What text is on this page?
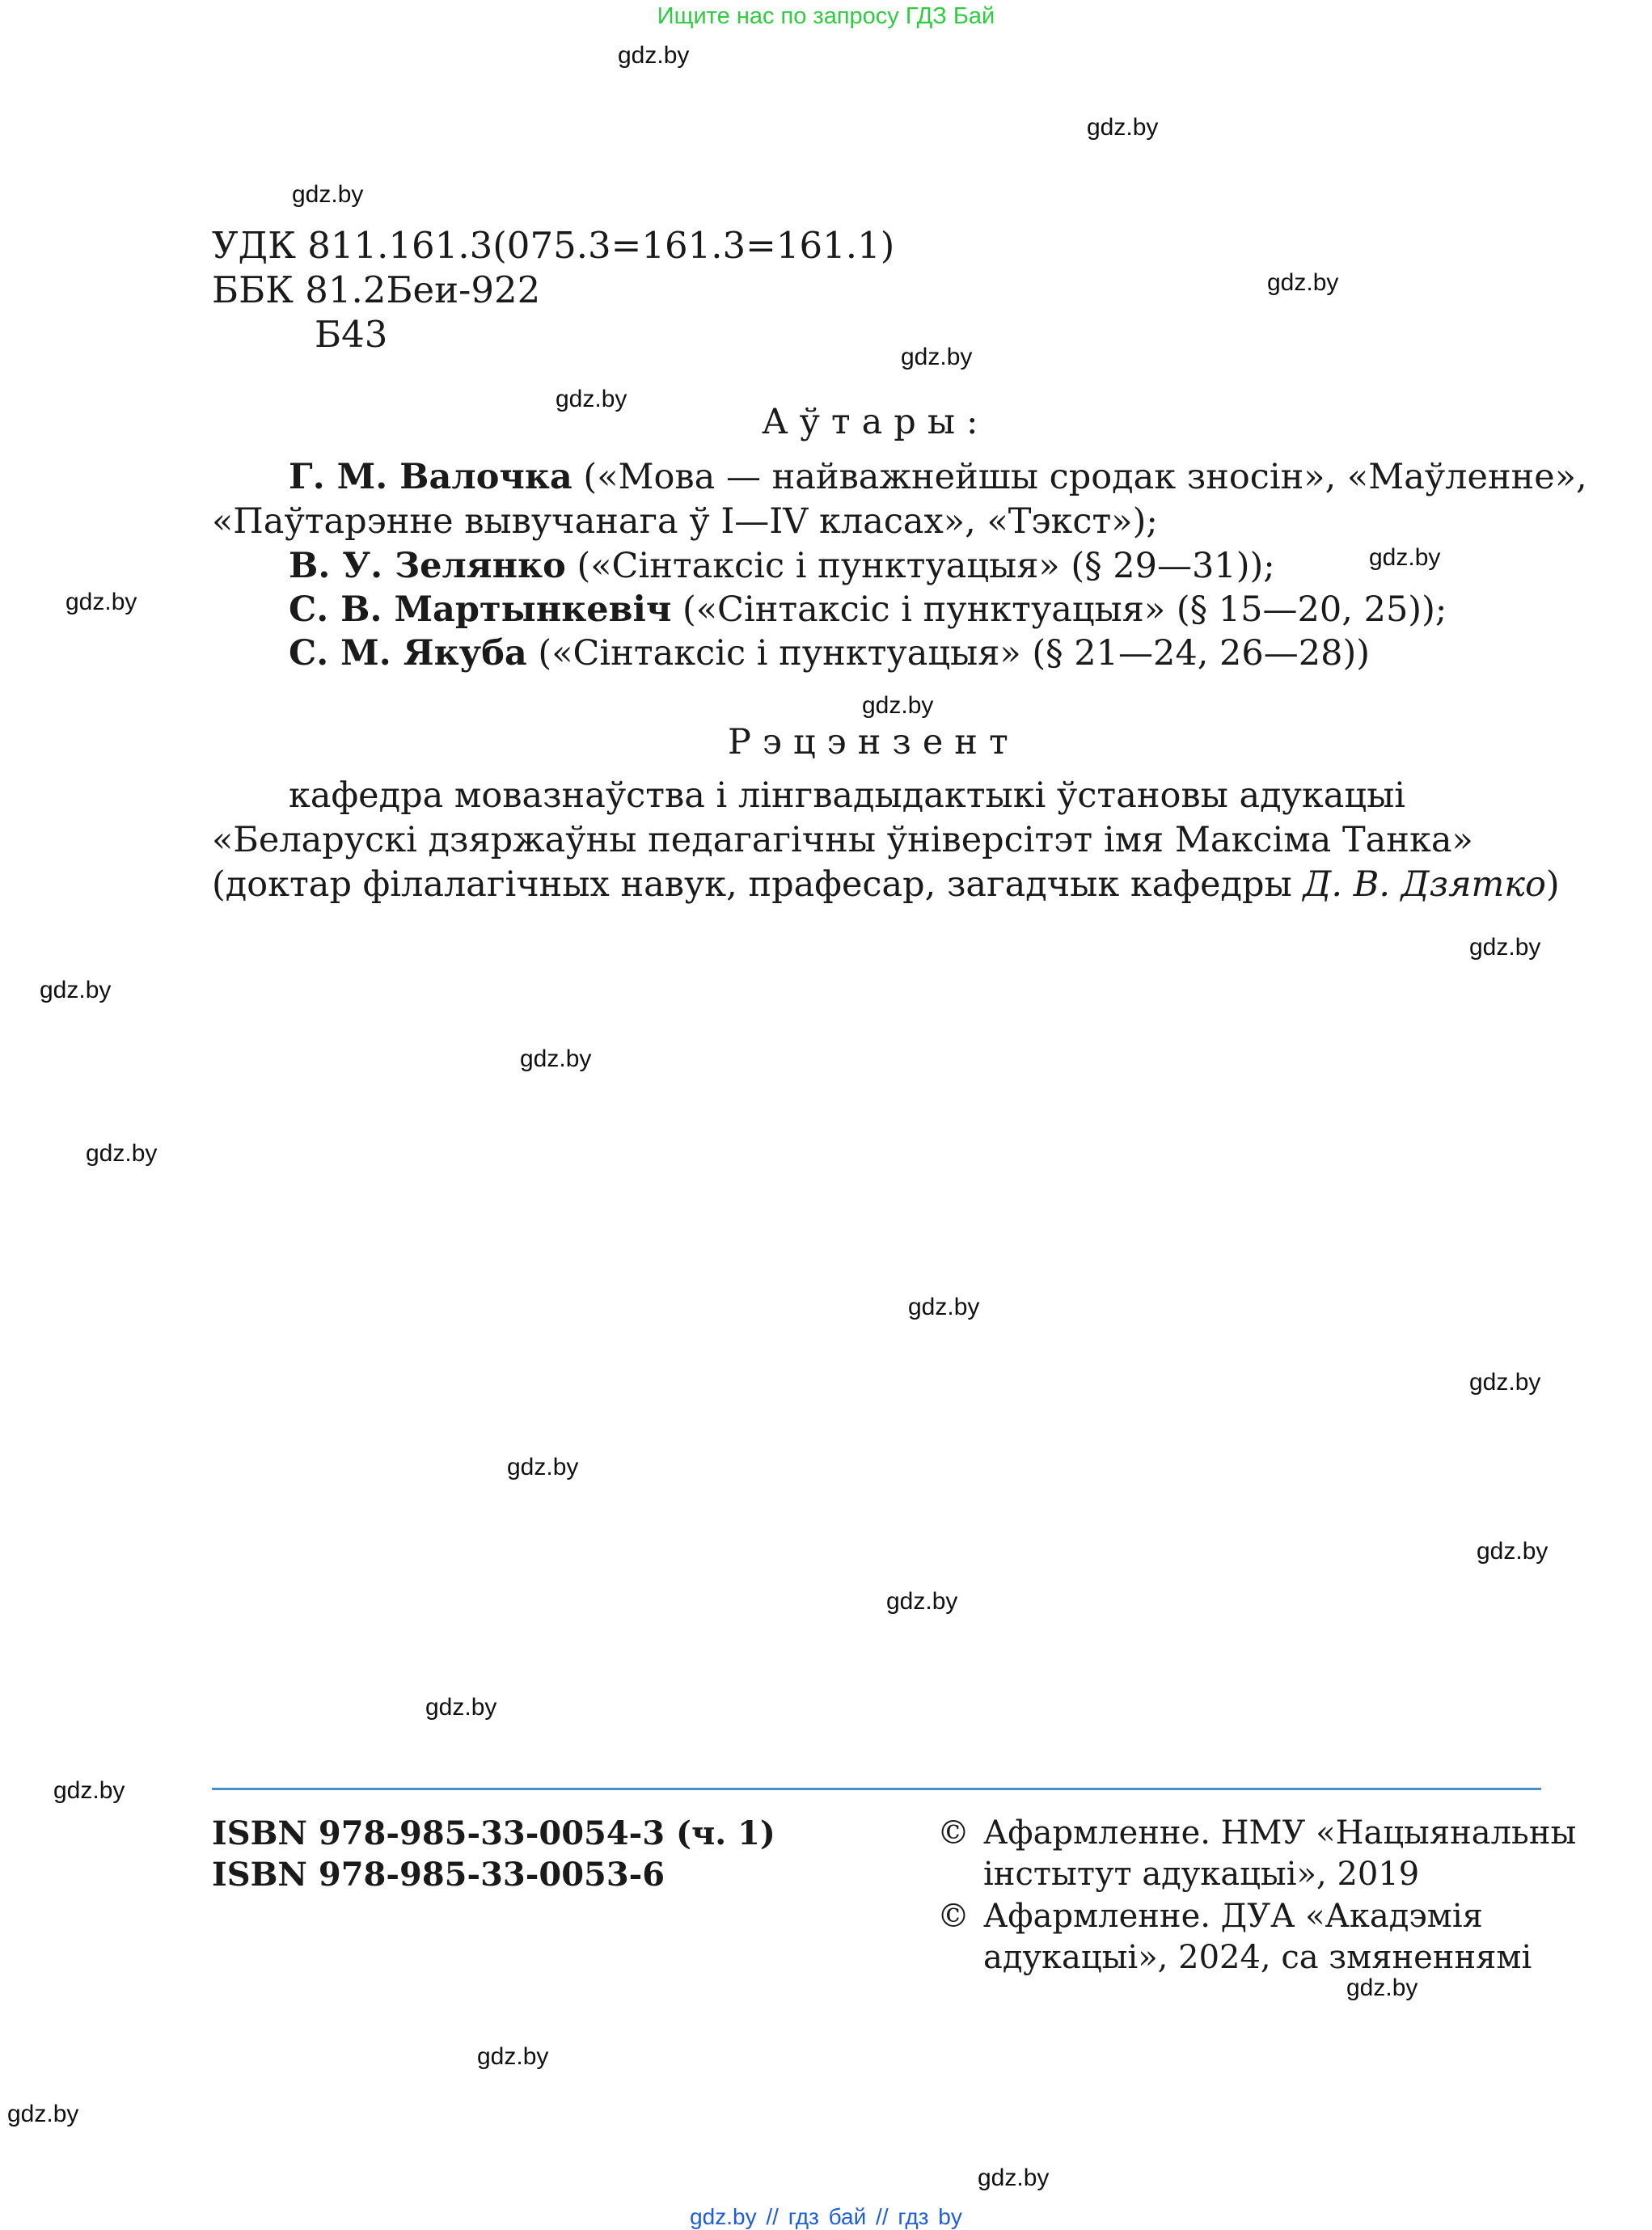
Ищите нас по запросу ГДЗ Бай
gdz.by
gdz.by
gdz.by
gdz.by
gdz.by
gdz.by
gdz.by
gdz.by
gdz.by
gdz.by
gdz.by
gdz.by
gdz.by
gdz.by
gdz.by
gdz.by
gdz.by
gdz.by
gdz.by
gdz.by
gdz.by
gdz.by
gdz.by
gdz.by
УДК 811.161.3(075.3=161.3=161.1)
ББК 81.2Беи-922
Б43
Аўтары:
Г. М. Валочка («Мова — найважнейшы сродак зносін», «Маўленне»,
«Паўтарэнне вывучанага ў I—IV класах», «Тэкст»);
В. У. Зелянко («Сінтаксіс і пунктуацыя» (§ 29—31));
С. В. Мартынкевіч («Сінтаксіс і пунктуацыя» (§ 15—20, 25));
С. М. Якуба («Сінтаксіс і пунктуацыя» (§ 21—24, 26—28))
Рэцэнзент
кафедра мовазнаўства і лінгвадыдактыкі ўстановы адукацыі
«Беларускі дзяржаўны педагагічны ўніверсітэт імя Максіма Танка»
(доктар філалагічных навук, прафесар, загадчык кафедры Д. В. Дзятко)
ISBN 978-985-33-0054-3 (ч. 1)
ISBN 978-985-33-0053-6
© Афармленне. НМУ «Нацыянальны
інстытут адукацыі», 2019
© Афармленне. ДУА «Акадэмія
адукацыі», 2024, са змяненнямі
gdz.by // гдз бай // гдз by
